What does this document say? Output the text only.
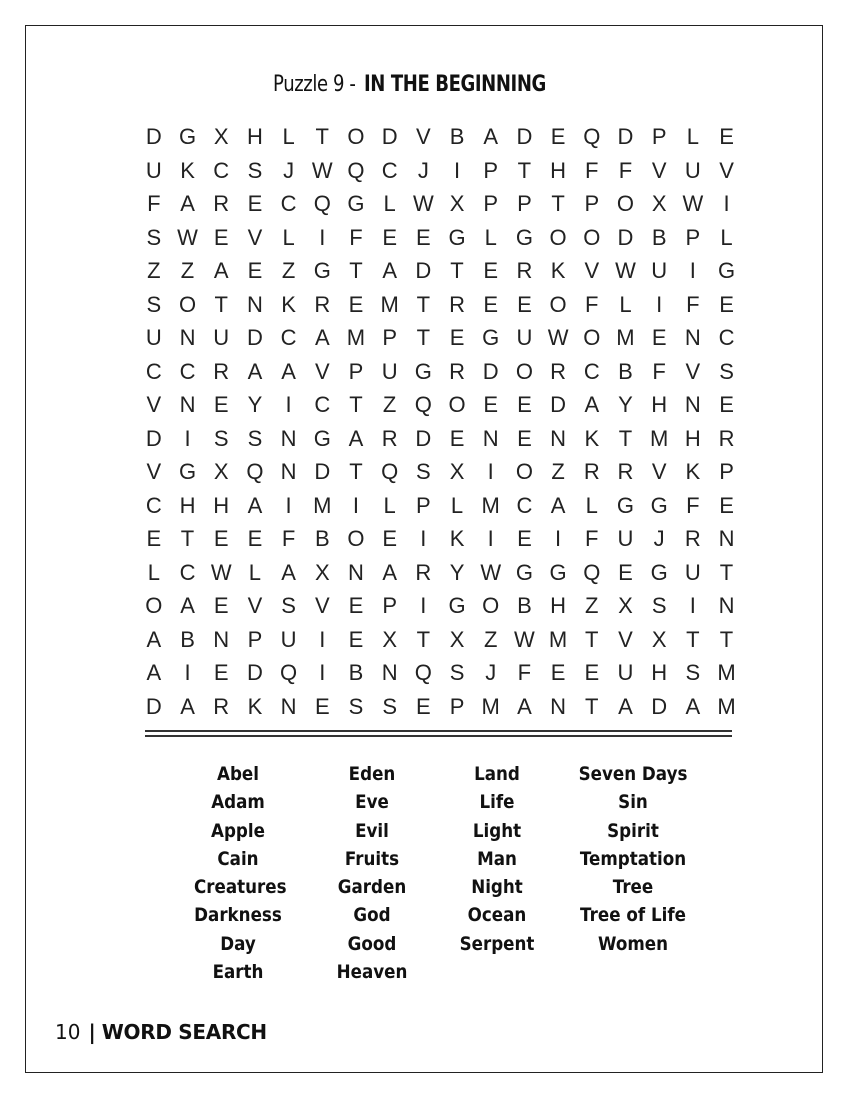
Puzzle 9 -IN THE BEGINNING
D G X H L T O D V B A D E Q D P L E
U K C S J W Q C J	I	P T H F F V U V
F A R E C Q G L W X P P T P O X W I
S W E V L	I	F E E G L G O O D B P L
Z Z A E Z G T A D T E R K V W U	I	G
S O T N K R E M T R E E O F L	I	F E
U N U D C A M P T E G U W O M E N C
C C R A A V P U G R D O R C B F V S
V N E Y	I	C T Z Q O E E D A Y H N E
D	I	S S N G A R D E N E N K T M H R
V G X Q N D T Q S X	I	O Z R R V K P
C H H A	I M I	L P L M C A L G G F E
E T E E F B O E	I	K	I	E	I	F U J R N
L C W L A X N A R Y W G G Q E G U T
O A E V S V E P	I	G O B H Z X S	I	N
A B N P U	I	E X T X Z W M T V X T T
A	I	E D Q	I	B N Q S J F E E U H S M
D A R K N E S S E P M A N T A D A M
Abel
Adam
Apple
Cain
Creatures
Darkness
Day
Earth
Eden
Eve
Evil
Fruits
Garden
God
Good
Heaven
Land
Life
Light
Man
Night
Ocean
Serpent
Seven Days
Sin
Spirit
Temptation
Tree
Tree of Life
Women
10 | WORD SEARCH
